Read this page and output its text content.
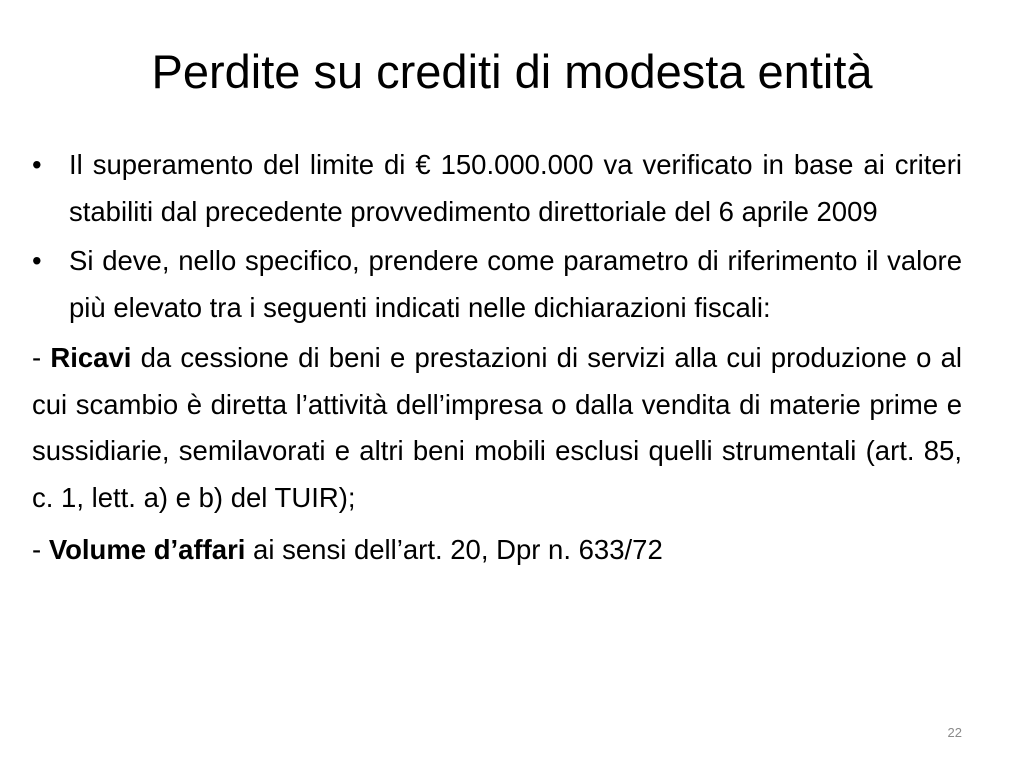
Perdite su crediti di modesta entità
• Il superamento del limite di € 150.000.000 va verificato in base ai criteri stabiliti dal precedente provvedimento direttoriale del 6 aprile 2009
• Si deve, nello specifico, prendere come parametro di riferimento il valore più elevato tra i seguenti indicati nelle dichiarazioni fiscali:
- Ricavi da cessione di beni e prestazioni di servizi alla cui produzione o al cui scambio è diretta l’attività dell’impresa o dalla vendita di materie prime e sussidiarie, semilavorati e altri beni mobili esclusi quelli strumentali (art. 85, c. 1, lett. a) e b) del TUIR);
- Volume d’affari ai sensi dell’art. 20, Dpr n. 633/72
22
